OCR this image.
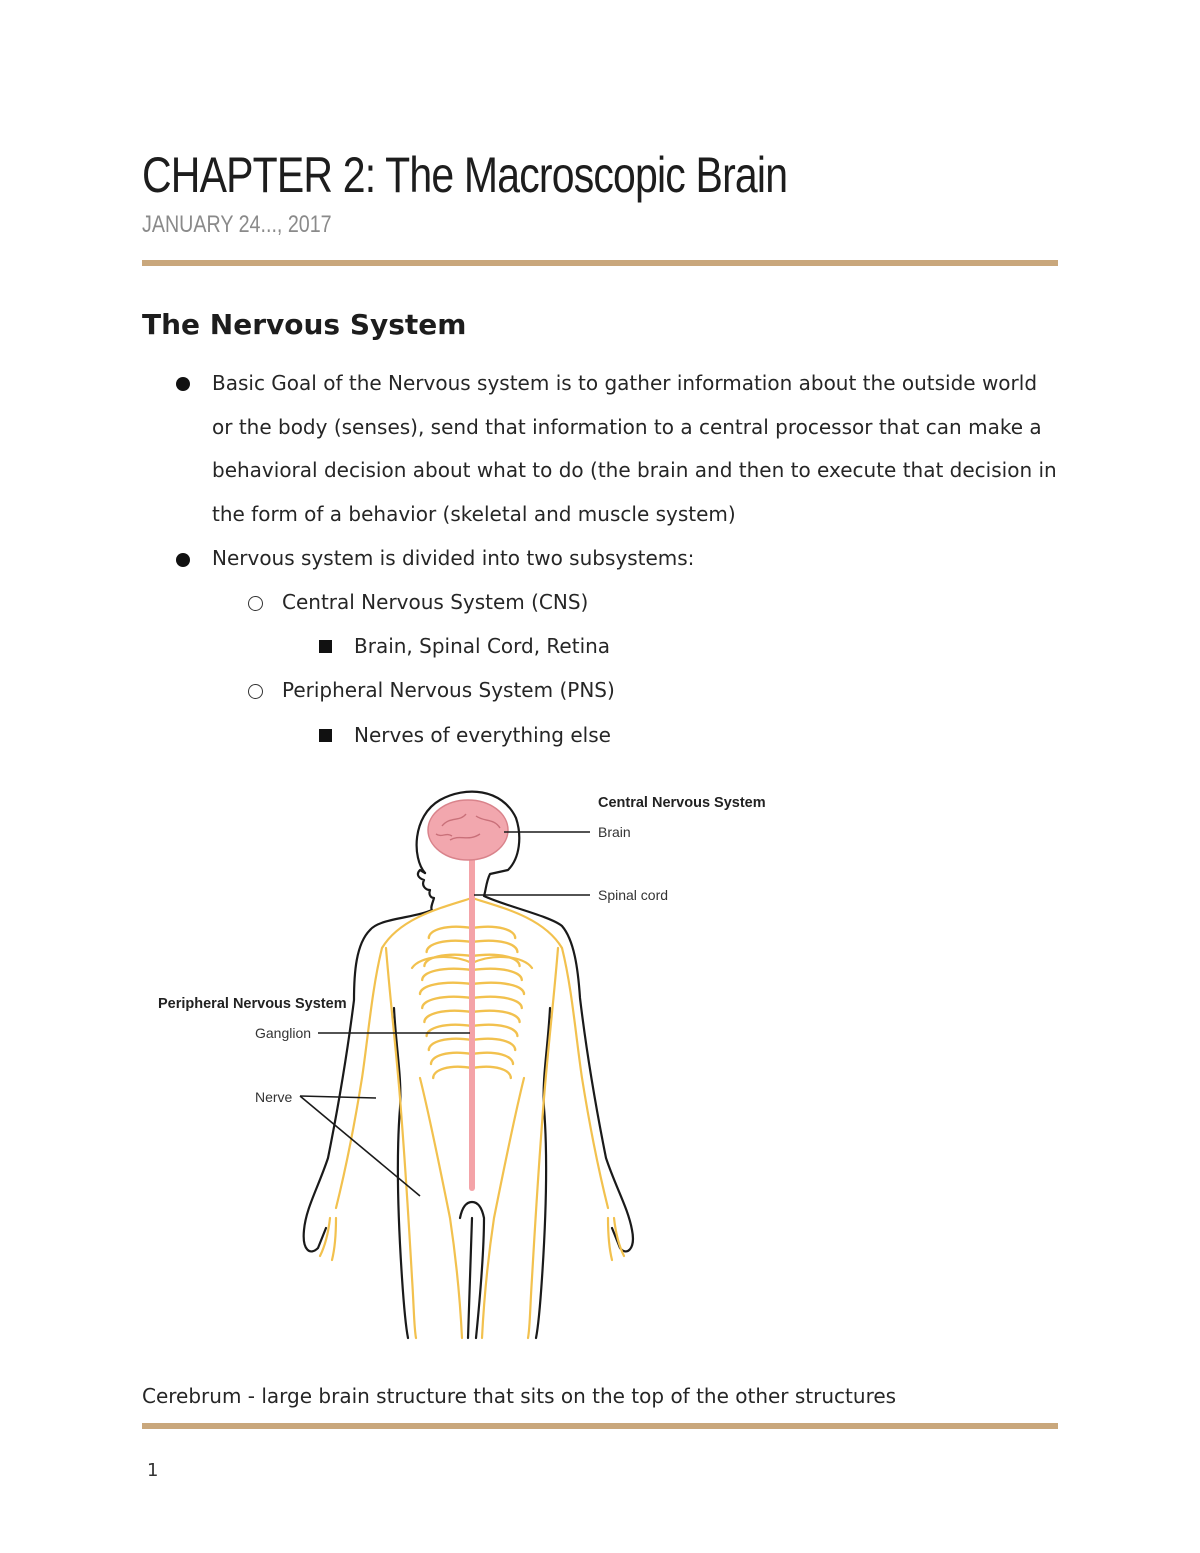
CHAPTER 2: The Macroscopic Brain
JANUARY 24..., 2017
The Nervous System
Basic Goal of the Nervous system is to gather information about the outside world
or the body (senses), send that information to a central processor that can make a
behavioral decision about what to do (the brain and then to execute that decision in
the form of a behavior (skeletal and muscle system)
Nervous system is divided into two subsystems:
Central Nervous System (CNS)
Brain, Spinal Cord, Retina
Peripheral Nervous System (PNS)
Nerves of everything else
Central Nervous System
Brain
Spinal cord
Peripheral Nervous System
Ganglion
Nerve
Cerebrum - large brain structure that sits on the top of the other structures
1
